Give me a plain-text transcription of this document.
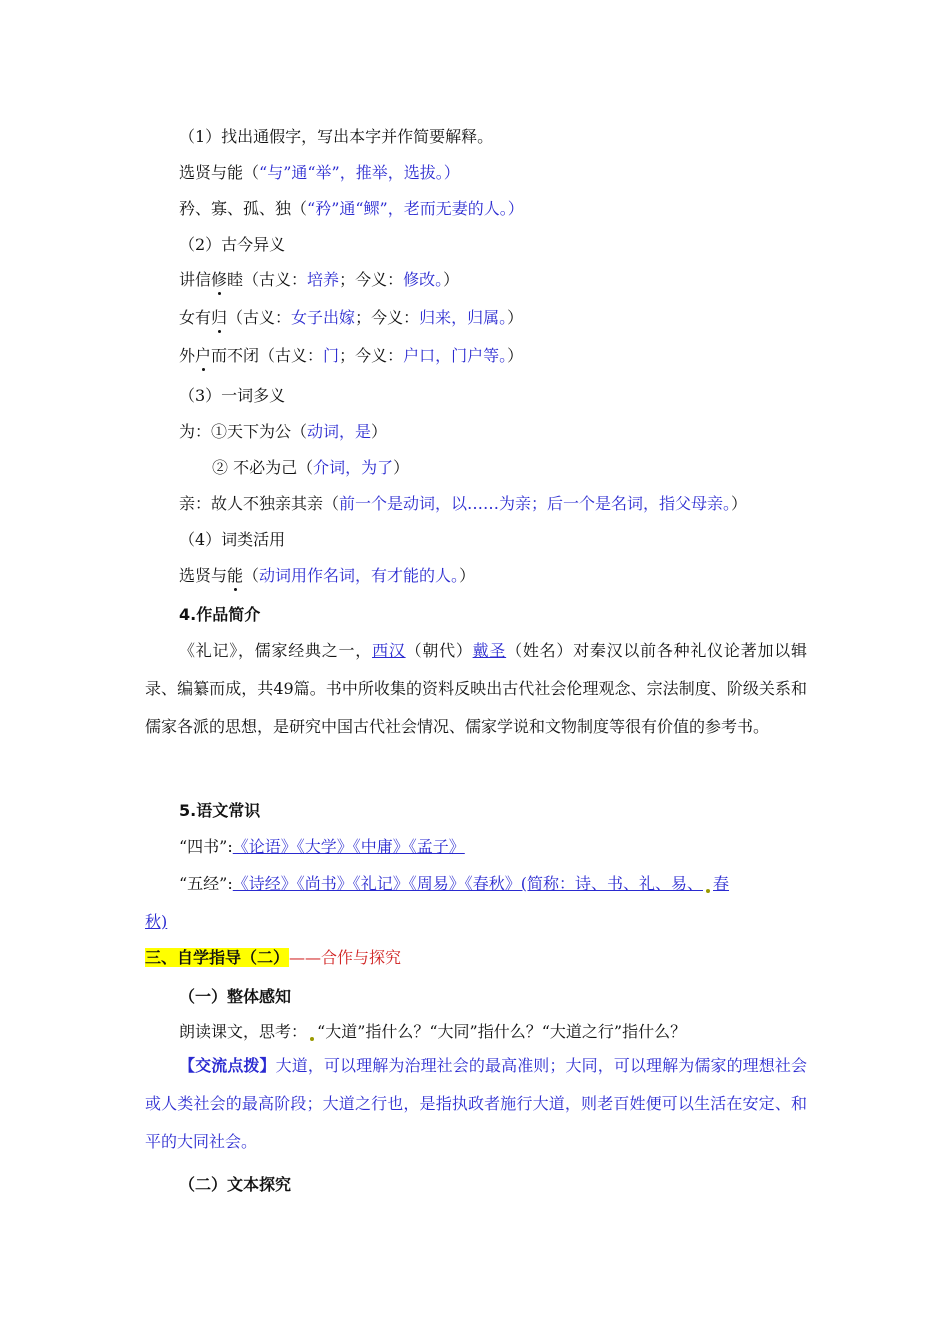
（1）找出通假字，写出本字并作简要解释。
选贤与能（“与”通“举”，推举，选拔。）
矜、寡、孤、独（“矜”通“鳏”，老而无妻的人。）
（2）古今异义
讲信修睦（古义：培养；今义：修改。）
女有归（古义：女子出嫁；今义：归来，归属。）
外户而不闭（古义：门；今义：户口，门户等。）
（3）一词多义
为：①天下为公（动词，是）
② 不必为己（介词，为了）
亲：故人不独亲其亲（前一个是动词，以……为亲；后一个是名词，指父母亲。）
（4）词类活用
选贤与能（动词用作名词，有才能的人。）
4.作品简介
《礼记》，儒家经典之一，西汉（朝代）戴圣（姓名）对秦汉以前各种礼仪论著加以辑录、编纂而成，共49篇。书中所收集的资料反映出古代社会伦理观念、宗法制度、阶级关系和儒家各派的思想，是研究中国古代社会情况、儒家学说和文物制度等很有价值的参考书。
5.语文常识
“四书”:《论语》《大学》《中庸》《孟子》
“五经”:《诗经》《尚书》《礼记》《周易》《春秋》(简称：诗、书、礼、易、 春
秋)
三、自学指导（二）——合作与探究
（一）整体感知
朗读课文，思考： “大道”指什么？“大同”指什么？“大道之行”指什么？
【交流点拨】大道，可以理解为治理社会的最高准则；大同，可以理解为儒家的理想社会或人类社会的最高阶段；大道之行也，是指执政者施行大道，则老百姓便可以生活在安定、和平的大同社会。
（二）文本探究
